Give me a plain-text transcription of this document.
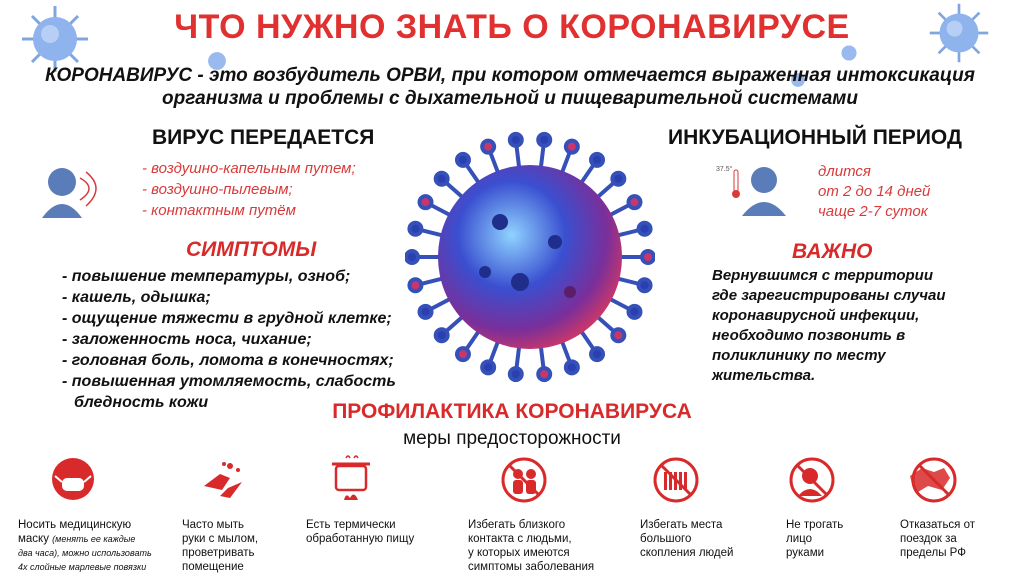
ЧТО НУЖНО ЗНАТЬ О КОРОНАВИРУСЕ
КОРОНАВИРУС - это возбудитель ОРВИ, при котором отмечается выраженная интоксикация организма и проблемы с дыхательной и пищеварительной системами
ВИРУС ПЕРЕДАЕТСЯ
- воздушно-капельным путем;
- воздушно-пылевым;
- контактным путём
ИНКУБАЦИОННЫЙ ПЕРИОД
37.5°	длится
от 2 до 14 дней
чаще 2-7 суток
СИМПТОМЫ
- повышение температуры, озноб;
- кашель, одышка;
- ощущение тяжести в грудной клетке;
- заложенность носа, чихание;
- головная боль, ломота в конечностях;
- повышенная утомляемость, слабость
бледность кожи
ВАЖНО
Вернувшимся с территории
где зарегистрированы случаи
коронавирусной инфекции,
необходимо позвонить в
поликлинику по месту
жительства.
ПРОФИЛАКТИКА КОРОНАВИРУСА
меры предосторожности
Носить медицинскую
маску (менять ее каждые
два часа), можно использовать
4х слойные марлевые повязки
Часто мыть
руки с мылом,
проветривать
помещение
Есть термически
обработанную пищу
Избегать близкого
контакта с людьми,
у которых имеются
симптомы заболевания
Избегать места
большого
скопления людей
Не трогать
лицо
руками
Отказаться от
поездок за
пределы РФ
